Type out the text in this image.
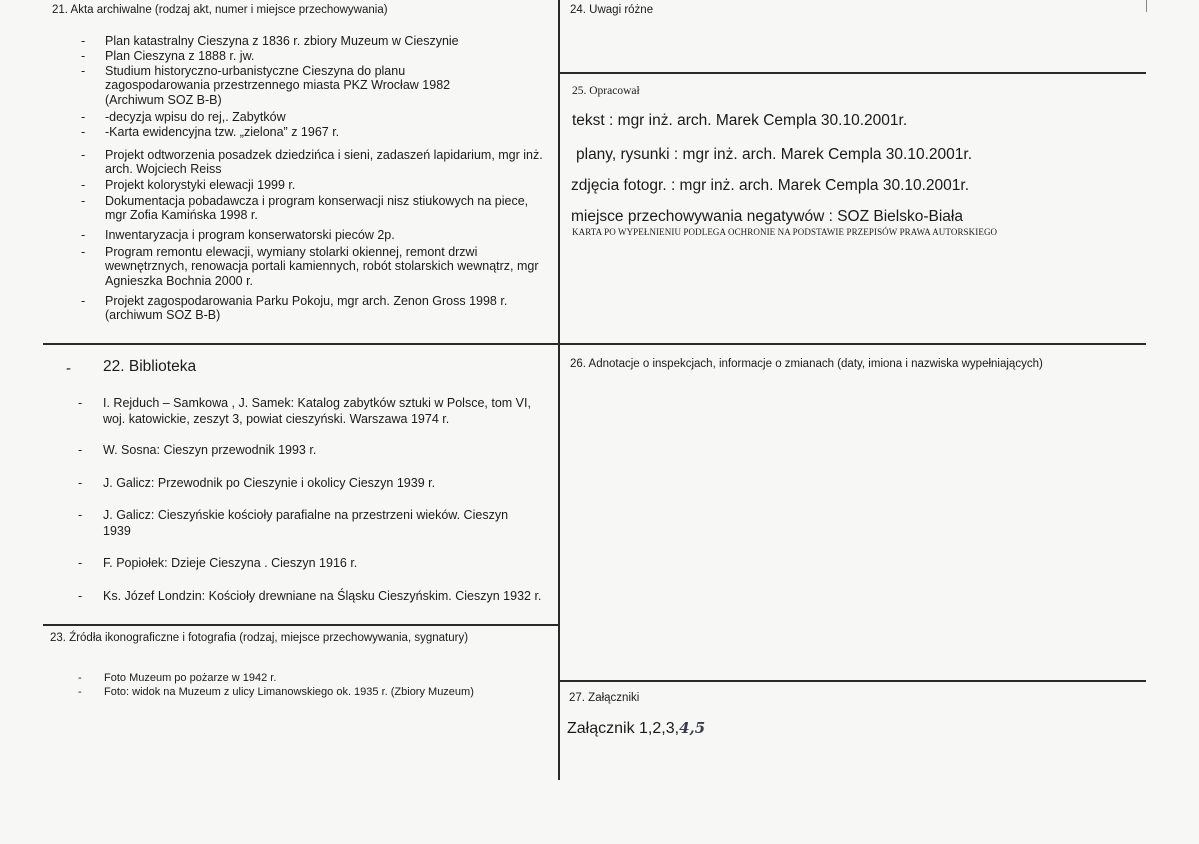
21. Akta archiwalne (rodzaj akt, numer i miejsce przechowywania)
- Plan katastralny Cieszyna z 1836 r. zbiory Muzeum w Cieszynie
- Plan Cieszyna z 1888 r. jw.
- Studium historyczno-urbanistyczne Cieszyna do planu zagospodarowania przestrzennego miasta PKZ Wrocław 1982 (Archiwum SOZ B-B)
- -decyzja wpisu do rej,. Zabytków
- -Karta ewidencyjna tzw. „zielona” z 1967 r.
- Projekt odtworzenia posadzek dziedzińca i sieni, zadaszeń lapidarium, mgr inż. arch. Wojciech Reiss
- Projekt kolorystyki elewacji 1999 r.
- Dokumentacja pobadawcza i program konserwacji nisz stiukowych na piece, mgr Zofia Kamińska 1998 r.
- Inwentaryzacja i program konserwatorski pieców 2p.
- Program remontu elewacji, wymiany stolarki okiennej, remont drzwi wewnętrznych, renowacja portali kamiennych, robót stolarskich wewnątrz, mgr Agnieszka Bochnia 2000 r.
- Projekt zagospodarowania Parku Pokoju, mgr arch. Zenon Gross 1998 r. (archiwum SOZ B-B)
- 22. Biblioteka
- I. Rejduch – Samkowa , J. Samek: Katalog zabytków sztuki w Polsce, tom VI, woj. katowickie, zeszyt 3, powiat cieszyński. Warszawa 1974 r.
- W. Sosna: Cieszyn przewodnik 1993 r.
- J. Galicz: Przewodnik po Cieszynie i okolicy Cieszyn 1939 r.
- J. Galicz: Cieszyńskie kościoły parafialne na przestrzeni wieków. Cieszyn 1939
- F. Popiołek: Dzieje Cieszyna . Cieszyn 1916 r.
- Ks. Józef Londzin: Kościoły drewniane na Śląsku Cieszyńskim. Cieszyn 1932 r.
23. Źródła ikonograficzne i fotografia (rodzaj, miejsce przechowywania, sygnatury)
- Foto Muzeum po pożarze w 1942 r.
- Foto: widok na Muzeum z ulicy Limanowskiego ok. 1935 r. (Zbiory Muzeum)
24. Uwagi różne
25. Opracował
tekst : mgr inż. arch. Marek Cempla 30.10.2001r.
plany, rysunki : mgr inż. arch. Marek Cempla 30.10.2001r.
zdjęcia fotogr. : mgr inż. arch. Marek Cempla 30.10.2001r.
miejsce przechowywania negatywów : SOZ Bielsko-Biała
KARTA PO WYPEŁNIENIU PODLEGA OCHRONIE NA PODSTAWIE PRZEPISÓW PRAWA AUTORSKIEGO
26. Adnotacje o inspekcjach, informacje o zmianach (daty, imiona i nazwiska wypełniających)
27. Załączniki
Załącznik 1,2,3,4,5
